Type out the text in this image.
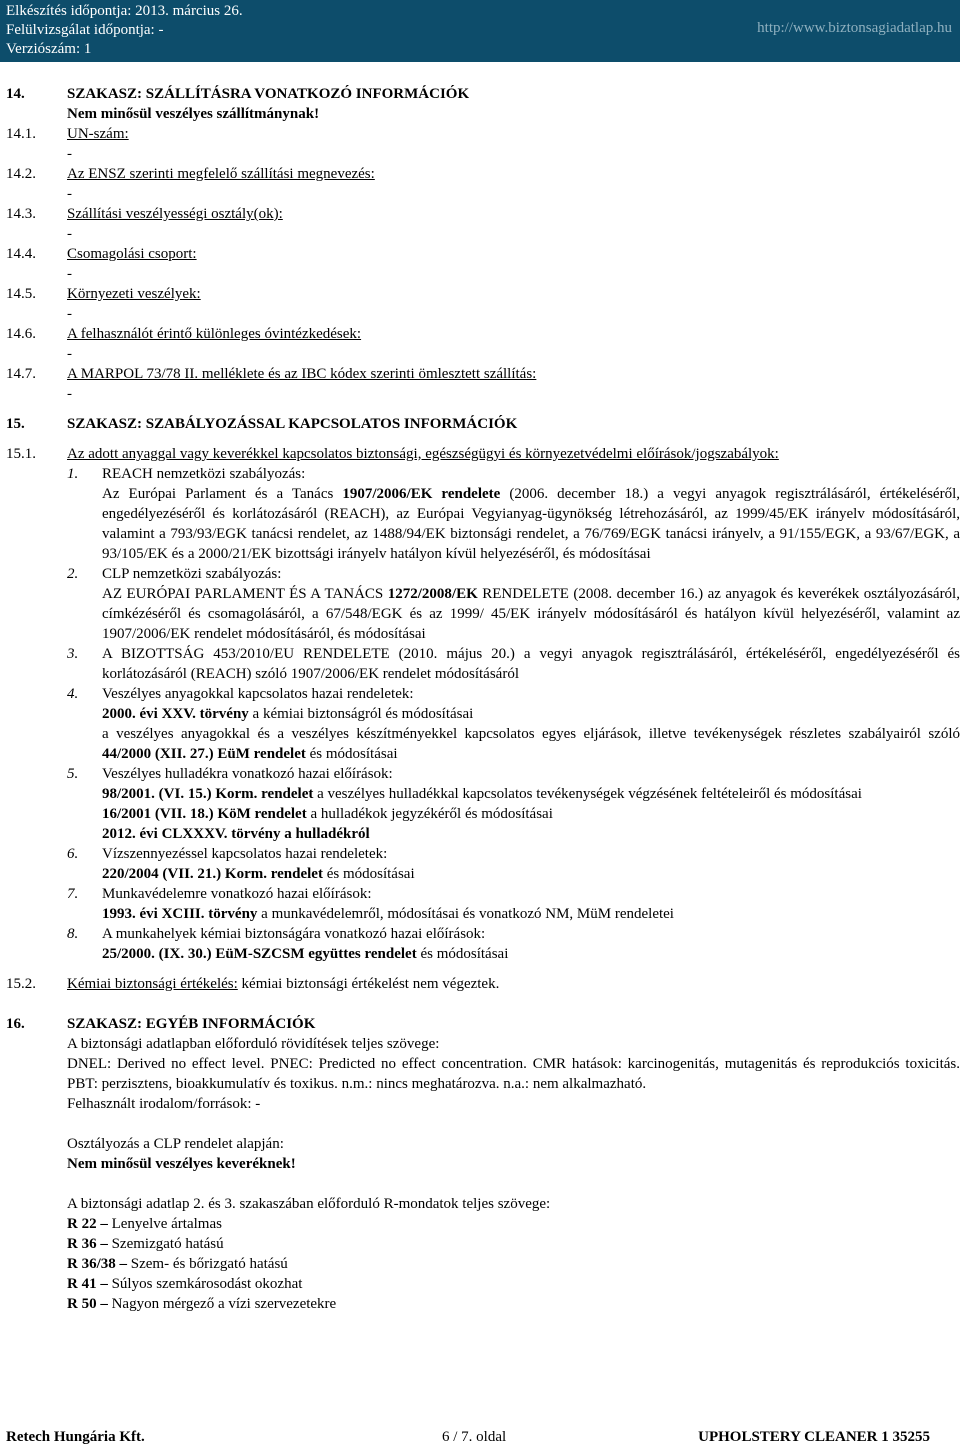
Elkészítés időpontja: 2013. március 26.
Felülvizsgálat időpontja: -
Verziószám: 1
http://www.biztonsagiadatlap.hu
14.	SZAKASZ: SZÁLLÍTÁSRA VONATKOZÓ INFORMÁCIÓK
Nem minősül veszélyes szállítmánynak!
14.1.	UN-szám:
-
14.2.	Az ENSZ szerinti megfelelő szállítási megnevezés:
-
14.3.	Szállítási veszélyességi osztály(ok):
-
14.4.	Csomagolási csoport:
-
14.5.	Környezeti veszélyek:
-
14.6.	A felhasználót érintő különleges óvintézkedések:
-
14.7.	A MARPOL 73/78 II. melléklete és az IBC kódex szerinti ömlesztett szállítás:
-
15.	SZAKASZ: SZABÁLYOZÁSSAL KAPCSOLATOS INFORMÁCIÓK
15.1.	Az adott anyaggal vagy keverékkel kapcsolatos biztonsági, egészségügyi és környezetvédelmi előírások/jogszabályok:
1.	REACH nemzetközi szabályozás:
Az Európai Parlament és a Tanács 1907/2006/EK rendelete (2006. december 18.) a vegyi anyagok regisztrálásáról, értékeléséről, engedélyezéséről és korlátozásáról (REACH), az Európai Vegyianyag-ügynökség létrehozásáról, az 1999/45/EK irányelv módosításáról, valamint a 793/93/EGK tanácsi rendelet, az 1488/94/EK biztonsági rendelet, a 76/769/EGK tanácsi irányelv, a 91/155/EGK, a 93/67/EGK, a 93/105/EK és a 2000/21/EK bizottsági irányelv hatályon kívül helyezéséről, és módosításai
2.	CLP nemzetközi szabályozás:
AZ EURÓPAI PARLAMENT ÉS A TANÁCS 1272/2008/EK RENDELETE (2008. december 16.) az anyagok és keverékek osztályozásáról, címkézéséről és csomagolásáról, a 67/548/EGK és az 1999/ 45/EK irányelv módosításáról és hatályon kívül helyezéséről, valamint az 1907/2006/EK rendelet módosításáról, és módosításai
3.	A BIZOTTSÁG 453/2010/EU RENDELETE (2010. május 20.) a vegyi anyagok regisztrálásáról, értékeléséről, engedélyezéséről és korlátozásáról (REACH) szóló 1907/2006/EK rendelet módosításáról
4.	Veszélyes anyagokkal kapcsolatos hazai rendeletek:
2000. évi XXV. törvény a kémiai biztonságról és módosításai
a veszélyes anyagokkal és a veszélyes készítményekkel kapcsolatos egyes eljárások, illetve tevékenységek részletes szabályairól szóló 44/2000 (XII. 27.) EüM rendelet és módosításai
5.	Veszélyes hulladékra vonatkozó hazai előírások:
98/2001. (VI. 15.) Korm. rendelet a veszélyes hulladékkal kapcsolatos tevékenységek végzésének feltételeiről és módosításai
16/2001 (VII. 18.) KöM rendelet a hulladékok jegyzékéről és módosításai
2012. évi CLXXXV. törvény a hulladékról
6.	Vízszennyezéssel kapcsolatos hazai rendeletek:
220/2004 (VII. 21.) Korm. rendelet és módosításai
7.	Munkavédelemre vonatkozó hazai előírások:
1993. évi XCIII. törvény a munkavédelemről, módosításai és vonatkozó NM, MüM rendeletei
8.	A munkahelyek kémiai biztonságára vonatkozó hazai előírások:
25/2000. (IX. 30.) EüM-SZCSM együttes rendelet és módosításai
15.2.	Kémiai biztonsági értékelés: kémiai biztonsági értékelést nem végeztek.
16.	SZAKASZ: EGYÉB INFORMÁCIÓK
A biztonsági adatlapban előforduló rövidítések teljes szövege:
DNEL: Derived no effect level. PNEC: Predicted no effect concentration. CMR hatások: karcinogenitás, mutagenitás és reprodukciós toxicitás. PBT: perzisztens, bioakkumulatív és toxikus. n.m.: nincs meghatározva. n.a.: nem alkalmazható.
Felhasznált irodalom/források: -
Osztályozás a CLP rendelet alapján:
Nem minősül veszélyes keveréknek!
A biztonsági adatlap 2. és 3. szakaszában előforduló R-mondatok teljes szövege:
R 22 – Lenyelve ártalmas
R 36 – Szemizgató hatású
R 36/38 – Szem- és bőrizgató hatású
R 41 – Súlyos szemkárosodást okozhat
R 50 – Nagyon mérgező a vízi szervezetekre
Retech Hungária Kft.	6 / 7. oldal	UPHOLSTERY CLEANER 1 35255
